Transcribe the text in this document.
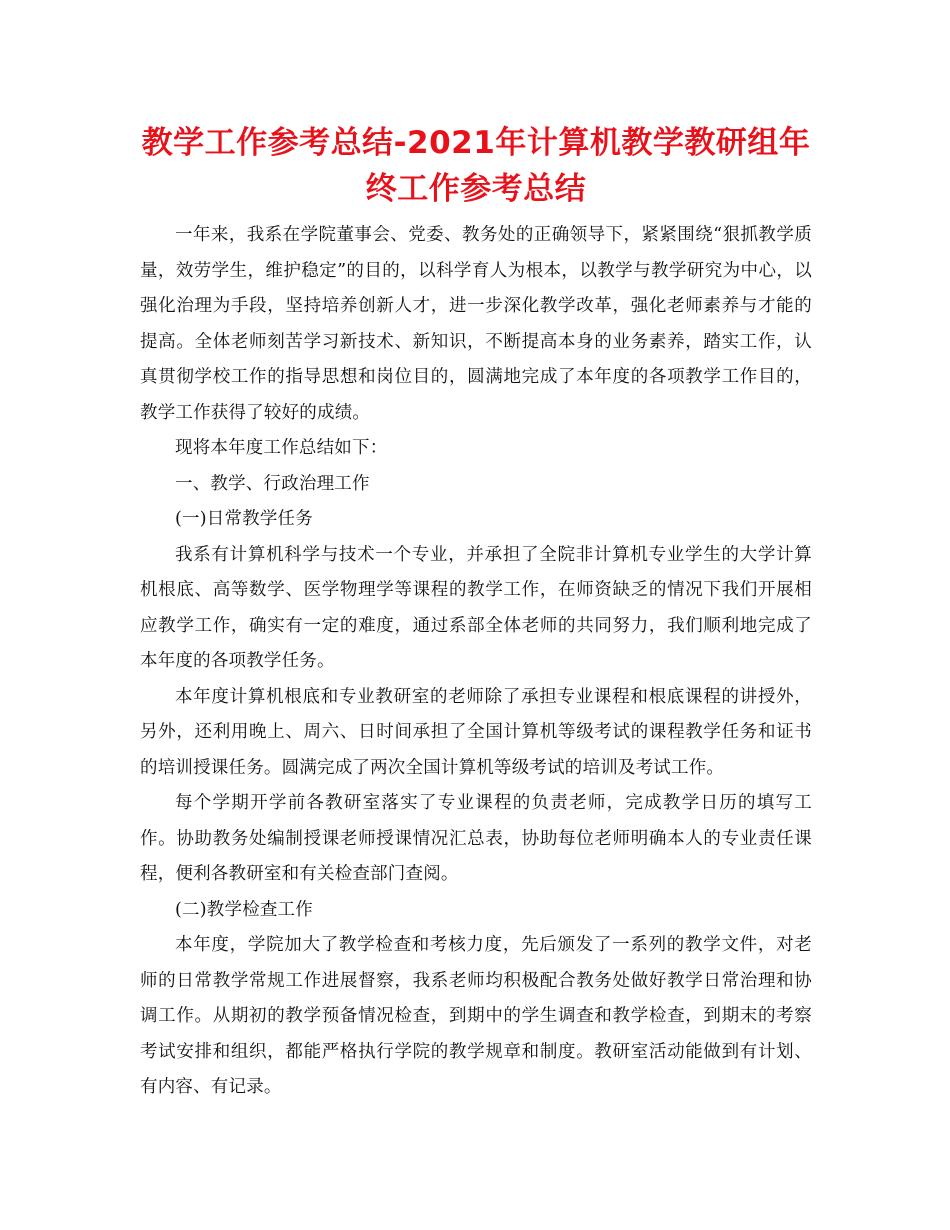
教学工作参考总结-2021年计算机教学教研组年
终工作参考总结

一年来，我系在学院董事会、党委、教务处的正确领导下，紧紧围绕“狠抓教学质量，效劳学生，维护稳定”的目的，以科学育人为根本，以教学与教学研究为中心，以强化治理为手段，坚持培养创新人才，进一步深化教学改革，强化老师素养与才能的提高。全体老师刻苦学习新技术、新知识，不断提高本身的业务素养，踏实工作，认真贯彻学校工作的指导思想和岗位目的，圆满地完成了本年度的各项教学工作目的，教学工作获得了较好的成绩。

现将本年度工作总结如下：

一、教学、行政治理工作

(一)日常教学任务

我系有计算机科学与技术一个专业，并承担了全院非计算机专业学生的大学计算机根底、高等数学、医学物理学等课程的教学工作，在师资缺乏的情况下我们开展相应教学工作，确实有一定的难度，通过系部全体老师的共同努力，我们顺利地完成了本年度的各项教学任务。

本年度计算机根底和专业教研室的老师除了承担专业课程和根底课程的讲授外，另外，还利用晚上、周六、日时间承担了全国计算机等级考试的课程教学任务和证书的培训授课任务。圆满完成了两次全国计算机等级考试的培训及考试工作。

每个学期开学前各教研室落实了专业课程的负责老师，完成教学日历的填写工作。协助教务处编制授课老师授课情况汇总表，协助每位老师明确本人的专业责任课程，便利各教研室和有关检查部门查阅。

(二)教学检查工作

本年度，学院加大了教学检查和考核力度，先后颁发了一系列的教学文件，对老师的日常教学常规工作进展督察，我系老师均积极配合教务处做好教学日常治理和协调工作。从期初的教学预备情况检查，到期中的学生调查和教学检查，到期末的考察考试安排和组织，都能严格执行学院的教学规章和制度。教研室活动能做到有计划、有内容、有记录。
